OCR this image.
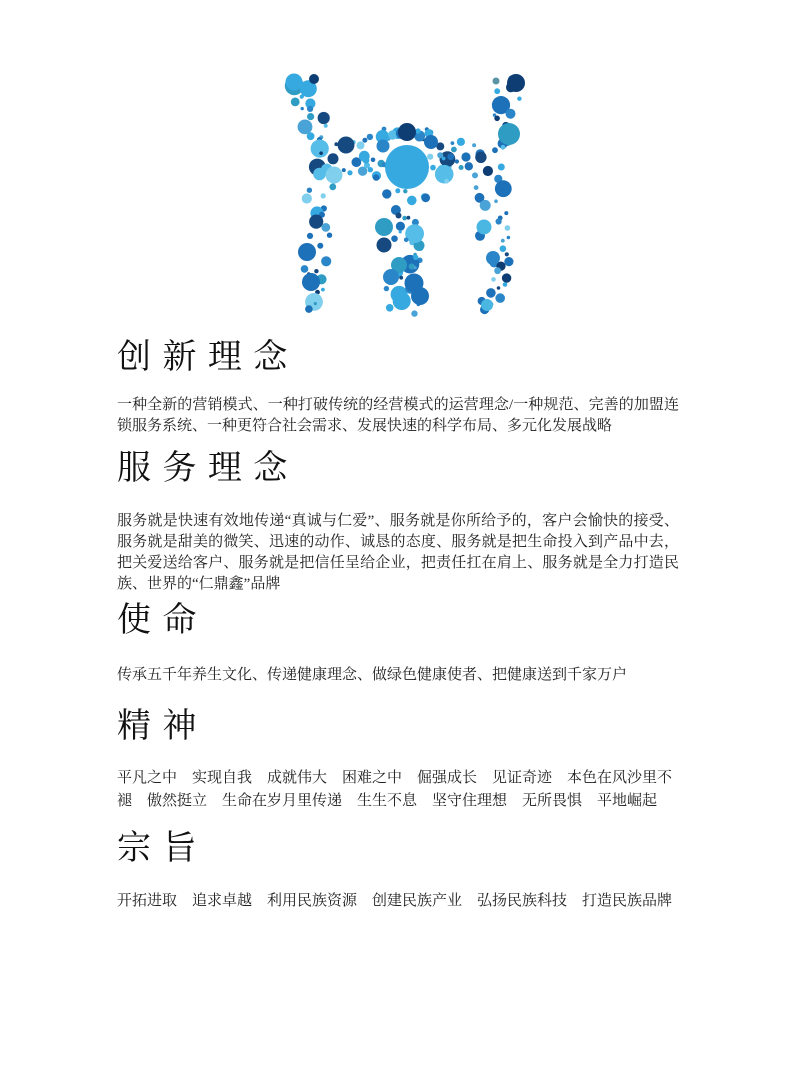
创 新 理 念

一种全新的营销模式、一种打破传统的经营模式的运营理念/一种规范、完善的加盟连锁服务系统、一种更符合社会需求、发展快速的科学布局、多元化发展战略

服 务 理 念

服务就是快速有效地传递“真诚与仁爱”、服务就是你所给予的，客户会愉快的接受、服务就是甜美的微笑、迅速的动作、诚恳的态度、服务就是把生命投入到产品中去，把关爱送给客户、服务就是把信任呈给企业，把责任扛在肩上、服务就是全力打造民族、世界的“仁鼎鑫”品牌

使 命

传承五千年养生文化、传递健康理念、做绿色健康使者、把健康送到千家万户

精 神

平凡之中　实现自我　成就伟大　困难之中　倔强成长　见证奇迹　本色在风沙里不褪　傲然挺立　生命在岁月里传递　生生不息　坚守住理想　无所畏惧　平地崛起

宗 旨

开拓进取　追求卓越　利用民族资源　创建民族产业　弘扬民族科技　打造民族品牌
